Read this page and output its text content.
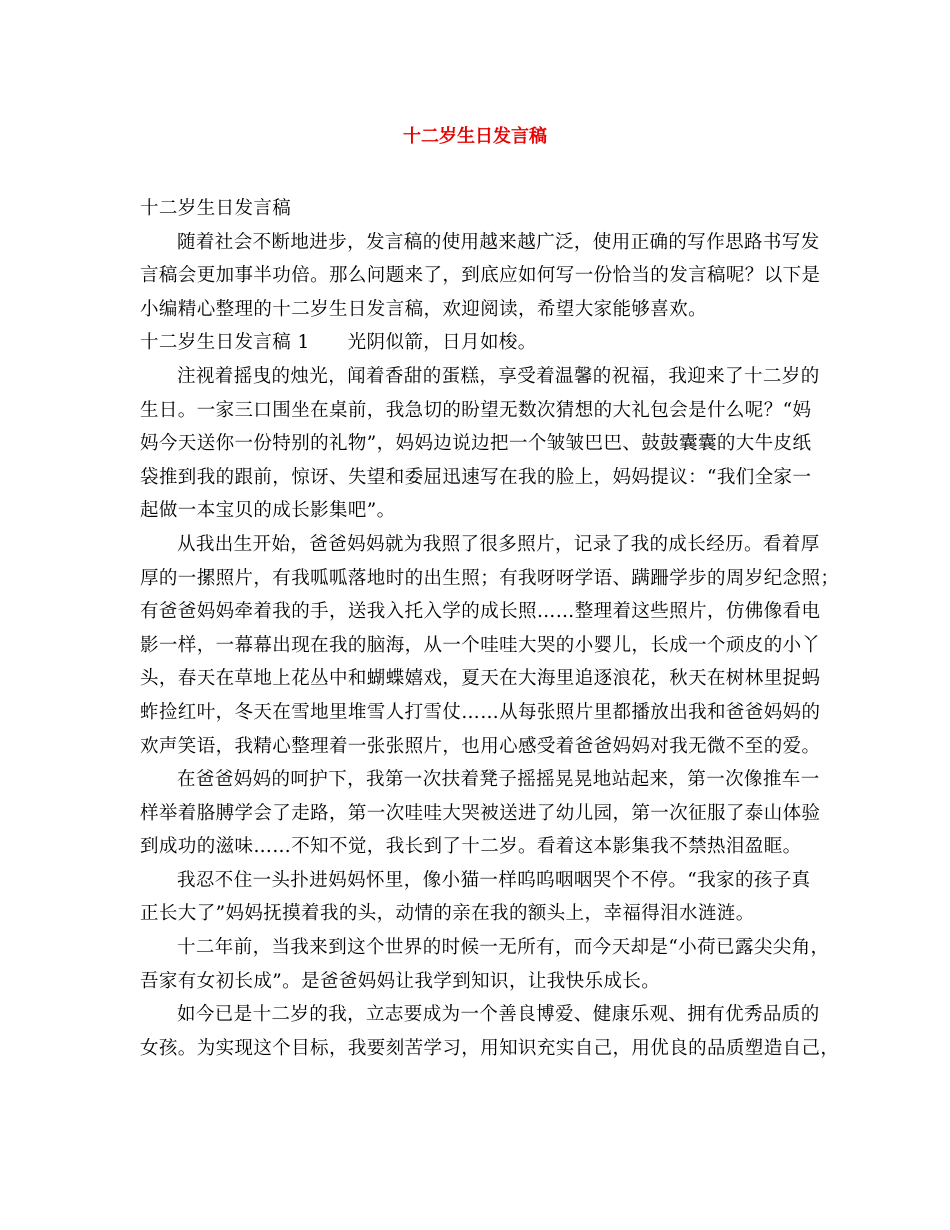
十二岁生日发言稿
十二岁生日发言稿
随着社会不断地进步，发言稿的使用越来越广泛，使用正确的写作思路书写发
言稿会更加事半功倍。那么问题来了，到底应如何写一份恰当的发言稿呢？以下是
小编精心整理的十二岁生日发言稿，欢迎阅读，希望大家能够喜欢。
十二岁生日发言稿 1 光阴似箭，日月如梭。
注视着摇曳的烛光，闻着香甜的蛋糕，享受着温馨的祝福，我迎来了十二岁的
生日。一家三口围坐在桌前，我急切的盼望无数次猜想的大礼包会是什么呢？“妈
妈今天送你一份特别的礼物”，妈妈边说边把一个皱皱巴巴、鼓鼓囊囊的大牛皮纸
袋推到我的跟前，惊讶、失望和委屈迅速写在我的脸上，妈妈提议：“我们全家一
起做一本宝贝的成长影集吧”。
从我出生开始，爸爸妈妈就为我照了很多照片，记录了我的成长经历。看着厚
厚的一摞照片，有我呱呱落地时的出生照；有我呀呀学语、蹒跚学步的周岁纪念照；
有爸爸妈妈牵着我的手，送我入托入学的成长照……整理着这些照片，仿佛像看电
影一样，一幕幕出现在我的脑海，从一个哇哇大哭的小婴儿，长成一个顽皮的小丫
头，春天在草地上花丛中和蝴蝶嬉戏，夏天在大海里追逐浪花，秋天在树林里捉蚂
蚱捡红叶，冬天在雪地里堆雪人打雪仗……从每张照片里都播放出我和爸爸妈妈的
欢声笑语，我精心整理着一张张照片，也用心感受着爸爸妈妈对我无微不至的爱。
在爸爸妈妈的呵护下，我第一次扶着凳子摇摇晃晃地站起来，第一次像推车一
样举着胳膊学会了走路，第一次哇哇大哭被送进了幼儿园，第一次征服了泰山体验
到成功的滋味……不知不觉，我长到了十二岁。看着这本影集我不禁热泪盈眶。
我忍不住一头扑进妈妈怀里，像小猫一样呜呜咽咽哭个不停。“我家的孩子真
正长大了”妈妈抚摸着我的头，动情的亲在我的额头上，幸福得泪水涟涟。
十二年前，当我来到这个世界的时候一无所有，而今天却是“小荷已露尖尖角，
吾家有女初长成”。是爸爸妈妈让我学到知识，让我快乐成长。
如今已是十二岁的我，立志要成为一个善良博爱、健康乐观、拥有优秀品质的
女孩。为实现这个目标，我要刻苦学习，用知识充实自己，用优良的品质塑造自己，
